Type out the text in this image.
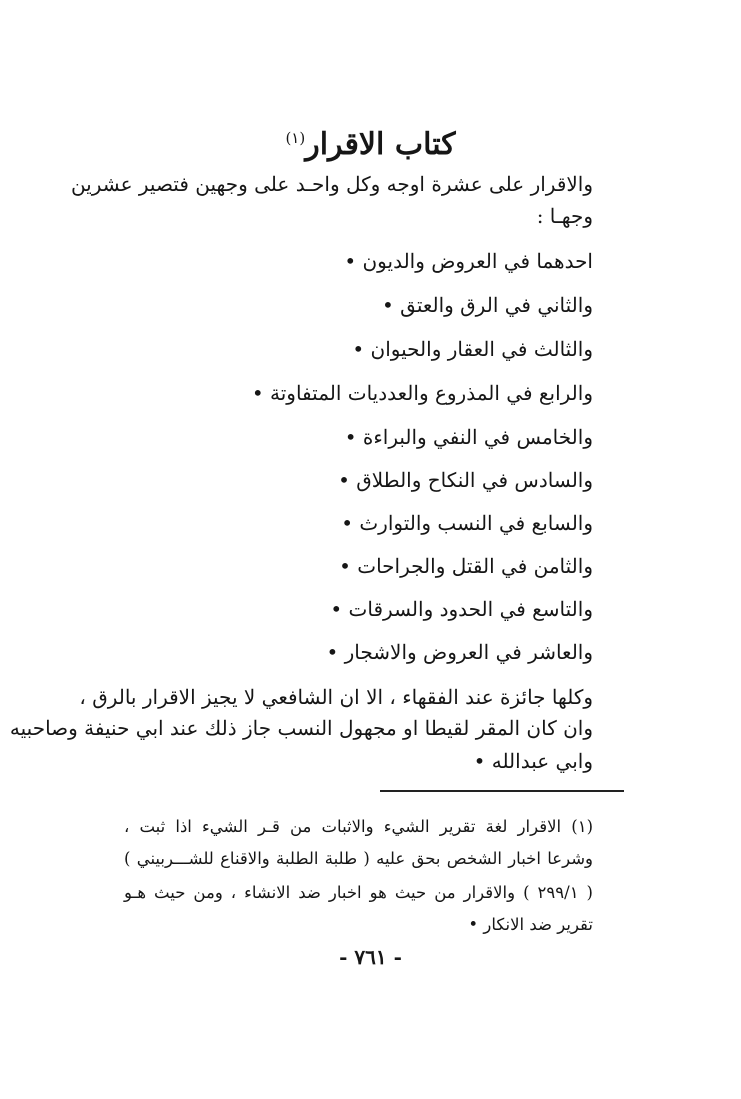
كتاب الاقرار$^{(١)}$
والاقرار على عشرة اوجه وكل واحـد على وجهين فتصير عشرين
وجهـا :
احدهما في العروض والديون •
والثاني في الرق والعتق •
والثالث في العقار والحيوان •
والرابع في المذروع والعدديات المتفاوتة •
والخامس في النفي والبراءة •
والسادس في النكاح والطلاق •
والسابع في النسب والتوارث •
والثامن في القتل والجراحات •
والتاسع في الحدود والسرقات •
والعاشر في العروض والاشجار •
وكلها جائزة عند الفقهاء ، الا ان الشافعي لا يجيز الاقرار بالرق ،
وان كان المقر لقيطا او مجهول النسب جاز ذلك عند ابي حنيفة وصاحبيه
وابي عبدالله •
(١) الاقرار لغة تقرير الشيء والاثبات من قـر الشيء اذا ثبت ،
وشرعا اخبار الشخص بحق عليه ( طلبة الطلبة والاقناع للشـــربيني )
( ٢٩٩/١ ) والاقرار من حيث هو اخبار ضد الانشاء ، ومن حيث هـو
تقرير ضد الانكار •
- ٧٦١ -
